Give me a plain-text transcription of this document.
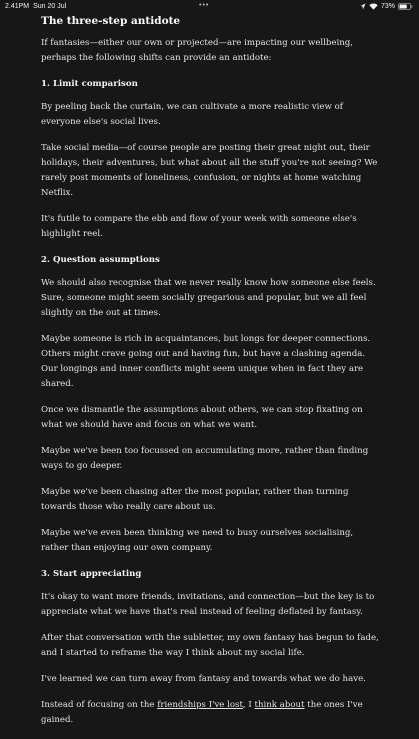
2.41PM Sun 20 Jul	•••	73%
The three-step antidote

If fantasies—either our own or projected—are impacting our wellbeing, perhaps the following shifts can provide an antidote:

1. Limit comparison

By peeling back the curtain, we can cultivate a more realistic view of everyone else's social lives.

Take social media—of course people are posting their great night out, their holidays, their adventures, but what about all the stuff you're not seeing? We rarely post moments of loneliness, confusion, or nights at home watching Netflix.

It's futile to compare the ebb and flow of your week with someone else's highlight reel.

2. Question assumptions

We should also recognise that we never really know how someone else feels. Sure, someone might seem socially gregarious and popular, but we all feel slightly on the out at times.

Maybe someone is rich in acquaintances, but longs for deeper connections. Others might crave going out and having fun, but have a clashing agenda. Our longings and inner conflicts might seem unique when in fact they are shared.

Once we dismantle the assumptions about others, we can stop fixating on what we should have and focus on what we want.

Maybe we've been too focussed on accumulating more, rather than finding ways to go deeper.

Maybe we've been chasing after the most popular, rather than turning towards those who really care about us.

Maybe we've even been thinking we need to busy ourselves socialising, rather than enjoying our own company.

3. Start appreciating

It's okay to want more friends, invitations, and connection—but the key is to appreciate what we have that's real instead of feeling deflated by fantasy.

After that conversation with the subletter, my own fantasy has begun to fade, and I started to reframe the way I think about my social life.

I've learned we can turn away from fantasy and towards what we do have.

Instead of focusing on the friendships I've lost, I think about the ones I've gained.
